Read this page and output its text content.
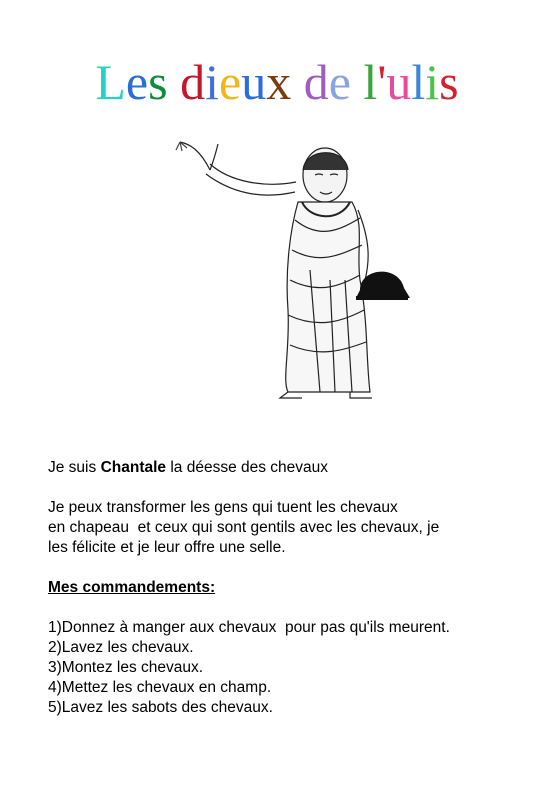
Les dieux de l'ulis

Je suis Chantale la déesse des chevaux

Je peux transformer les gens qui tuent les chevaux

en chapeau  et ceux qui sont gentils avec les chevaux, je

les félicite et je leur offre une selle.

Mes commandements:

1)Donnez à manger aux chevaux  pour pas qu'ils meurent.
2)Lavez les chevaux.
3)Montez les chevaux.
4)Mettez les chevaux en champ.
5)Lavez les sabots des chevaux.
